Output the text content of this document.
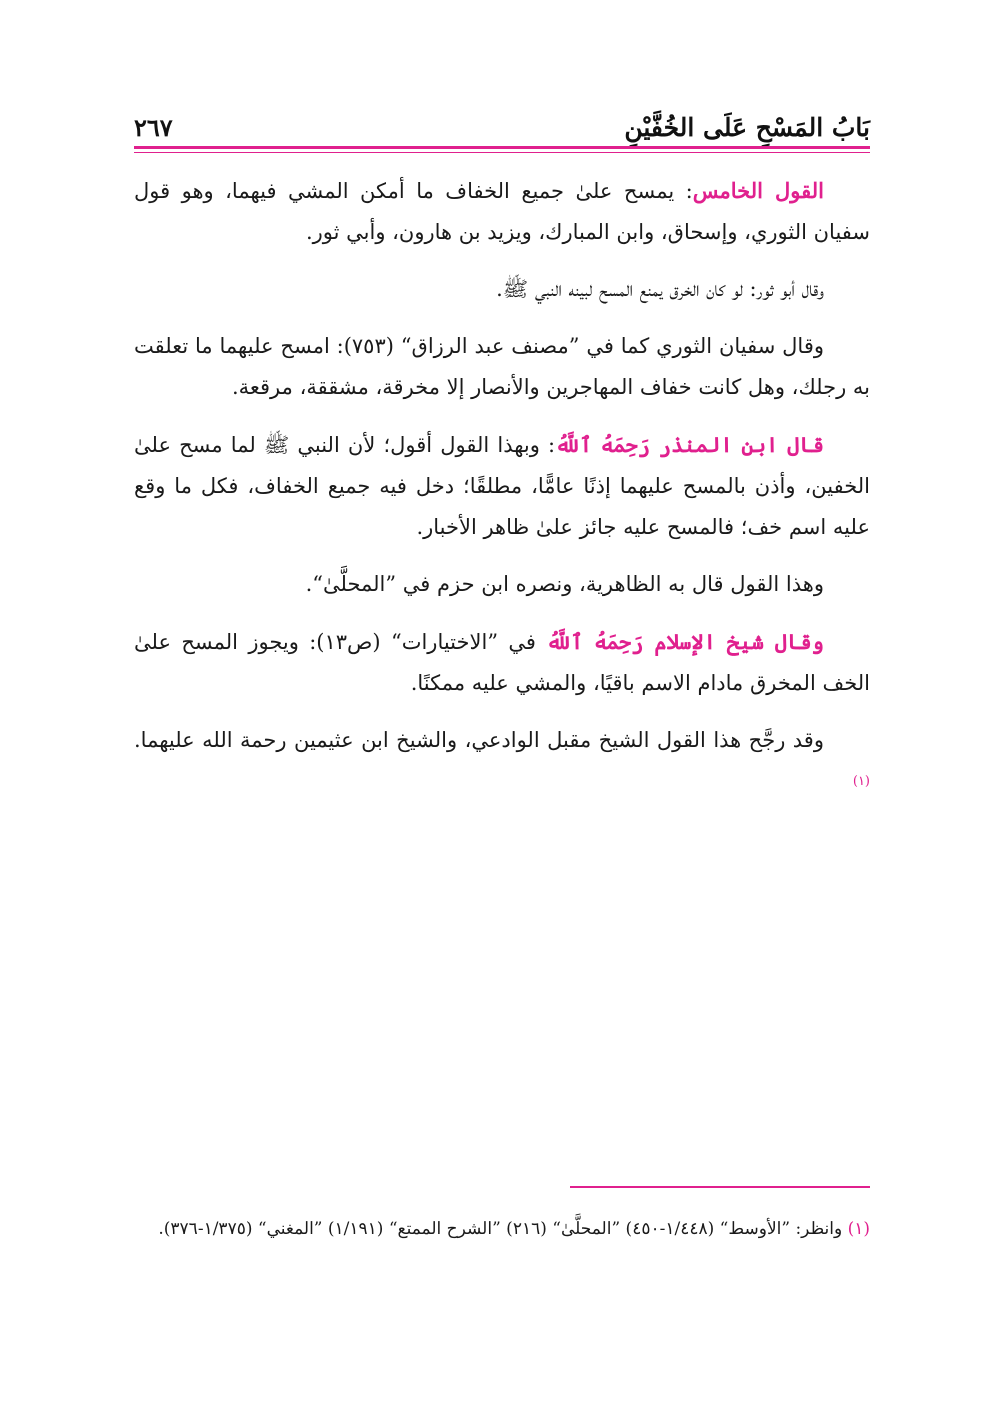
بَابُ المَسْحِ عَلَى الخُفَّيْنِ
٢٦٧

القول الخامس: يمسح علىٰ جميع الخفاف ما أمكن المشي فيهما، وهو قول سفيان الثوري، وإسحاق، وابن المبارك، ويزيد بن هارون، وأبي ثور.

وقال أبو ثور: لو كان الخرق يمنع المسح لبينه النبي ﷺ.

وقال سفيان الثوري كما في ”مصنف عبد الرزاق“ (٧٥٣): امسح عليهما ما تعلقت به رجلك، وهل كانت خفاف المهاجرين والأنصار إلا مخرقة، مشققة، مرقعة.

قال ابن المنذر رَحِمَهُ ٱللَّهُ: وبهذا القول أقول؛ لأن النبي ﷺ لما مسح علىٰ الخفين، وأذن بالمسح عليهما إذنًا عامًّا، مطلقًا؛ دخل فيه جميع الخفاف، فكل ما وقع عليه اسم خف؛ فالمسح عليه جائز علىٰ ظاهر الأخبار.

وهذا القول قال به الظاهرية، ونصره ابن حزم في ”المحلَّىٰ“.

وقال شيخ الإسلام رَحِمَهُ ٱللَّهُ في ”الاختيارات“ (ص١٣): ويجوز المسح علىٰ الخف المخرق مادام الاسم باقيًا، والمشي عليه ممكنًا.

وقد رجَّح هذا القول الشيخ مقبل الوادعي، والشيخ ابن عثيمين رحمة الله عليهما.$^{(١)}$

(١) وانظر: ”الأوسط“ (١/٤٤٨-٤٥٠) ”المحلَّىٰ“ (٢١٦) ”الشرح الممتع“ (١/١٩١) ”المغني“ (١/٣٧٥-٣٧٦).
